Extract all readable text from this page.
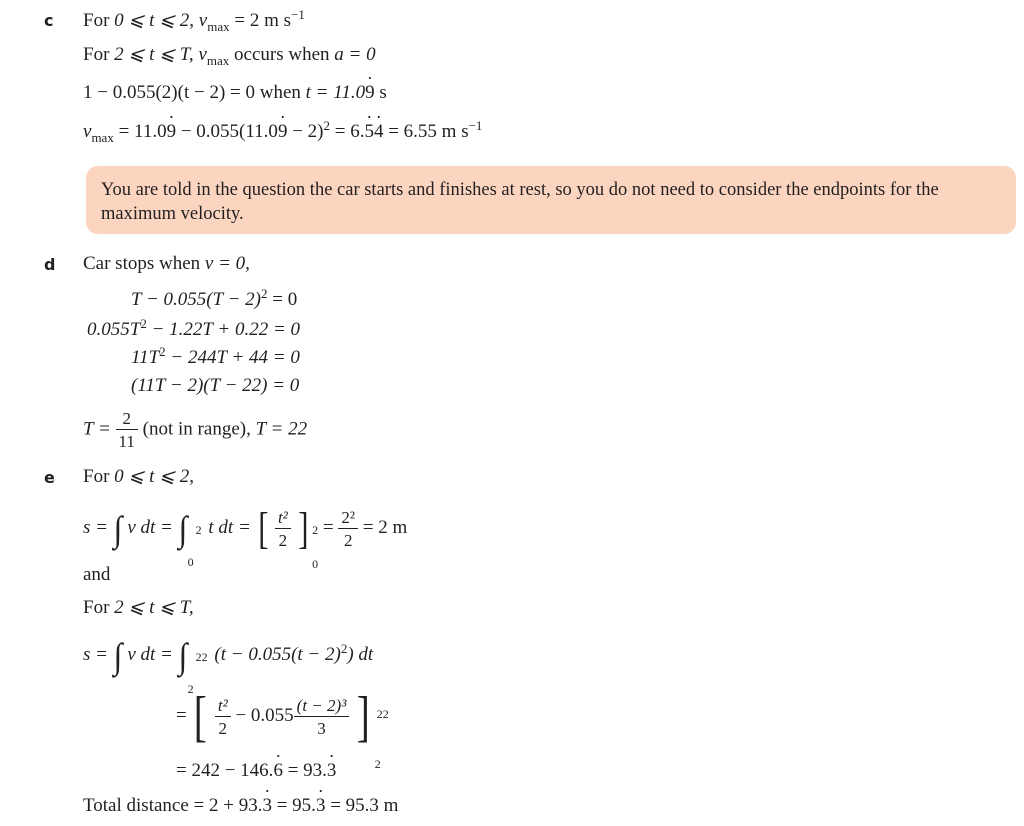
c For 0 ⩽ t ⩽ 2, $v_{max} = 2$ m $s^{-1}$
For 2 ⩽ t ⩽ T, $v_{max}$ occurs when a = 0
1 − 0.055(2)(t − 2) = 0 when t = 11.09 · s
$v_{max} = 11.09$ · − 0.055(11.09 · − 2)$^2$ = 6.5 ·4 · = 6.55 m $s^{-1}$
You are told in the question the car starts and finishes at rest, so you do not need to consider the endpoints for the maximum velocity.
d Car stops when v = 0,
$T - 0.055(T - 2)^2 = 0$
$0.055T^2 - 1.22T + 0.22 = 0$
$11T^2 - 244T + 44 = 0$
(11T − 2)(T − 22) = 0
$T = \frac{2}{11} (not$ in range), T = 22
e For 0 ⩽ t ⩽ 2,
s = ∫ v dt = ∫ 2
0
t dt = [ $\frac{\text{t²}}{2}$ ] 2
0
= $\frac{\text{2²}}{2} = 2$ m
and
For 2 ⩽ t ⩽ T,
s = ∫ v dt = ∫ 22
2
$(t - 0.055(t - 2)^2)$ dt
= [ $\frac{\text{t²}}{2} - 0.055 \frac{\text{(t − 2)³}}{3}$ ] 22
2
= 242 − 146.6 · = 93.3 ·
Total distance = 2 + 93.3 · = 95.3 · = 95.3 m
